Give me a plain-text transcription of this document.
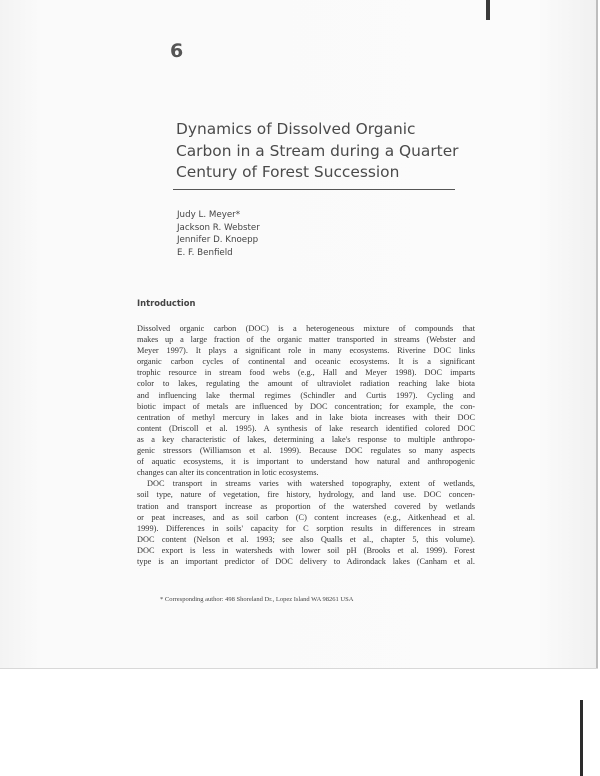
6
Dynamics of Dissolved Organic
Carbon in a Stream during a Quarter
Century of Forest Succession
Judy L. Meyer*
Jackson R. Webster
Jennifer D. Knoepp
E. F. Benfield
Introduction
Dissolved organic carbon (DOC) is a heterogeneous mixture of compounds that
makes up a large fraction of the organic matter transported in streams (Webster and
Meyer 1997). It plays a significant role in many ecosystems. Riverine DOC links
organic carbon cycles of continental and oceanic ecosystems. It is a significant
trophic resource in stream food webs (e.g., Hall and Meyer 1998). DOC imparts
color to lakes, regulating the amount of ultraviolet radiation reaching lake biota
and influencing lake thermal regimes (Schindler and Curtis 1997). Cycling and
biotic impact of metals are influenced by DOC concentration; for example, the con-
centration of methyl mercury in lakes and in lake biota increases with their DOC
content (Driscoll et al. 1995). A synthesis of lake research identified colored DOC
as a key characteristic of lakes, determining a lake's response to multiple anthropo-
genic stressors (Williamson et al. 1999). Because DOC regulates so many aspects
of aquatic ecosystems, it is important to understand how natural and anthropogenic
changes can alter its concentration in lotic ecosystems.
DOC transport in streams varies with watershed topography, extent of wetlands,
soil type, nature of vegetation, fire history, hydrology, and land use. DOC concen-
tration and transport increase as proportion of the watershed covered by wetlands
or peat increases, and as soil carbon (C) content increases (e.g., Aitkenhead et al.
1999). Differences in soils' capacity for C sorption results in differences in stream
DOC content (Nelson et al. 1993; see also Qualls et al., chapter 5, this volume).
DOC export is less in watersheds with lower soil pH (Brooks et al. 1999). Forest
type is an important predictor of DOC delivery to Adirondack lakes (Canham et al.
* Corresponding author: 498 Shoreland Dr., Lopez Island WA 98261 USA
